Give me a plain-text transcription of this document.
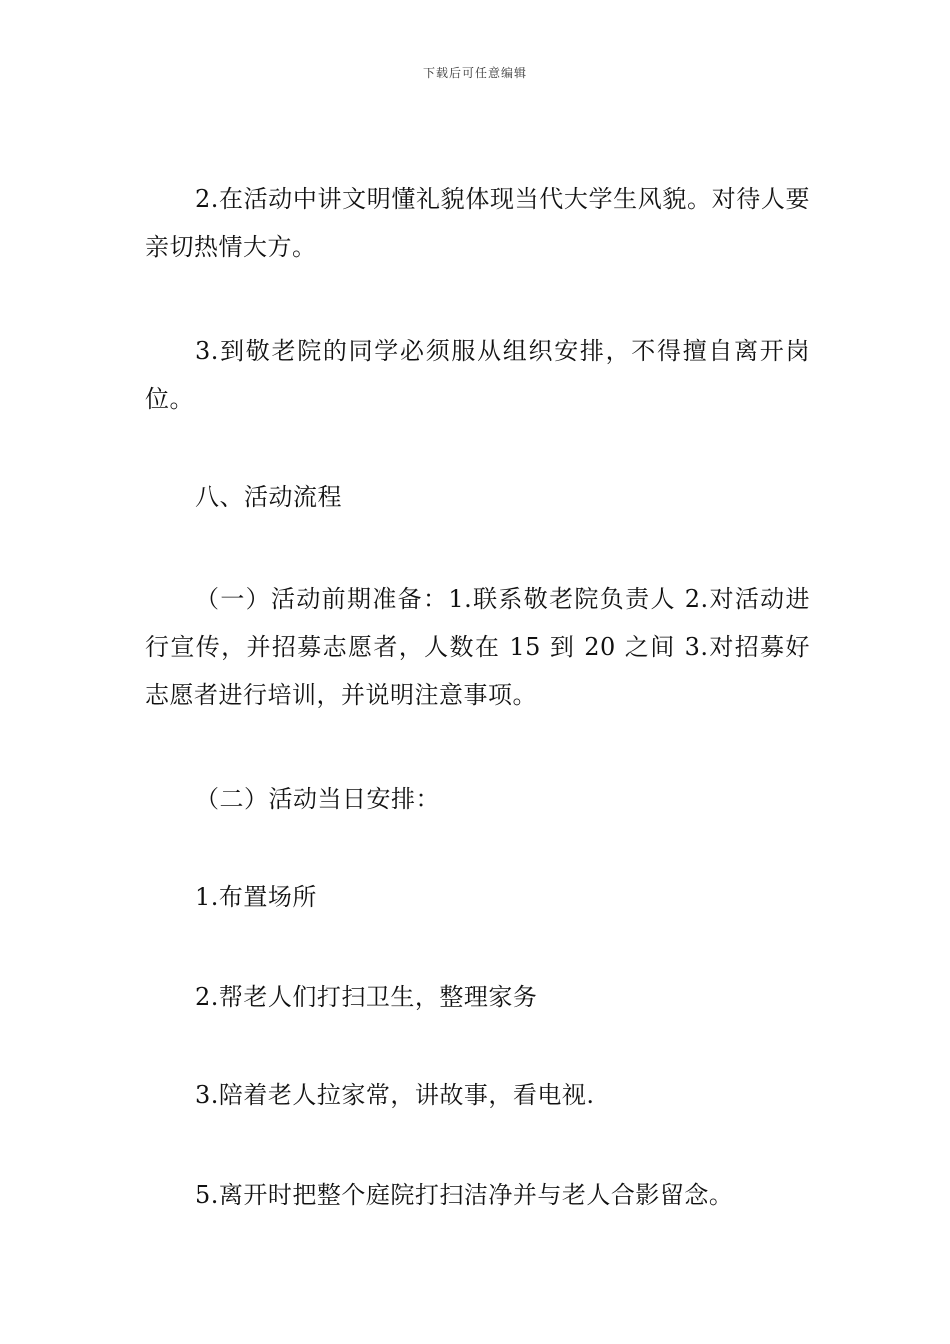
下载后可任意编辑

2.在活动中讲文明懂礼貌体现当代大学生风貌。对待人要亲切热情大方。

3.到敬老院的同学必须服从组织安排，不得擅自离开岗位。

八、活动流程

（一）活动前期准备：1.联系敬老院负责人 2.对活动进行宣传，并招募志愿者，人数在 15 到 20 之间 3.对招募好志愿者进行培训，并说明注意事项。

（二）活动当日安排：

1.布置场所

2.帮老人们打扫卫生，整理家务

3.陪着老人拉家常，讲故事，看电视.

5.离开时把整个庭院打扫洁净并与老人合影留念。
